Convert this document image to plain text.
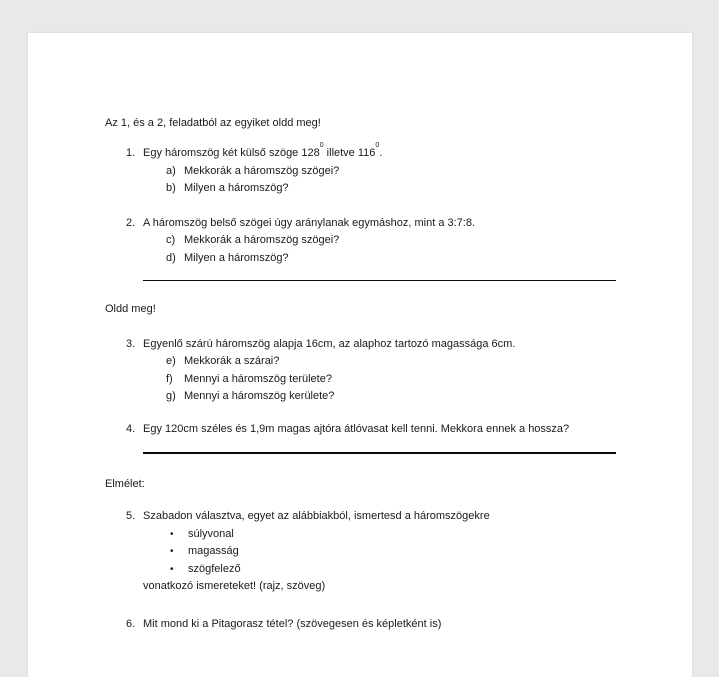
Az 1, és a 2, feladatból az egyiket oldd meg!
1. Egy háromszög két külső szöge $128^0$ illetve $116^0$.
a) Mekkorák a háromszög szögei?
b) Milyen a háromszög?
2. A háromszög belső szögei úgy aránylanak egymáshoz, mint a 3:7:8.
c) Mekkorák a háromszög szögei?
d) Milyen a háromszög?
Oldd meg!
3. Egyenlő szárú háromszög alapja 16cm, az alaphoz tartozó magassága 6cm.
e) Mekkorák a szárai?
f)	Mennyi a háromszög területe?
g) Mennyi a háromszög kerülete?
4. Egy 120cm széles és 1,9m magas ajtóra átlóvasat kell tenni. Mekkora ennek a hossza?
Elmélet:
5. Szabadon választva, egyet az alábbiakból, ismertesd a háromszögekre
•	súlyvonal
•	magasság
•	szögfelező
vonatkozó ismereteket! (rajz, szöveg)
6. Mit mond ki a Pitagorasz tétel? (szövegesen és képletként is)
